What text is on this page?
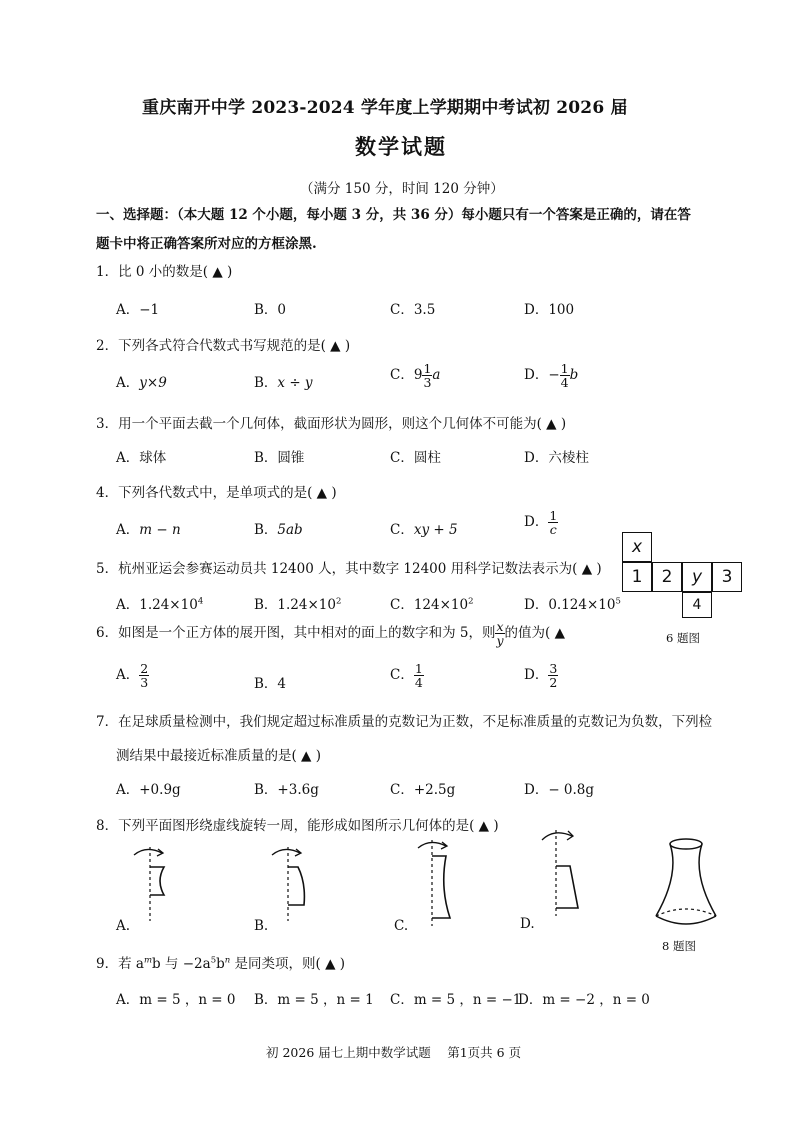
重庆南开中学 2023-2024 学年度上学期期中考试初 2026 届
数学试题
（满分 150 分，时间 120 分钟）
一、选择题：（本大题 12 个小题，每小题 3 分，共 36 分）每小题只有一个答案是正确的，请在答
题卡中将正确答案所对应的方框涂黑.
1．比 0 小的数是( ▲ )
A．−1	B．0	C．3.5	D．100
2．下列各式符合代数式书写规范的是( ▲ )
A．y×9	B．x ÷ y	C．$9 \frac{1}{3}$ a	D．− $\frac{1}{4}$ b
3．用一个平面去截一个几何体，截面形状为圆形，则这个几何体不可能为( ▲ )
A．球体	B．圆锥	C．圆柱	D．六棱柱
4．下列各代数式中，是单项式的是( ▲ )
A．m − n	B．5ab	C．xy + 5	D． $\frac{1}{c}$
5．杭州亚运会参赛运动员共 12400 人，其中数字 12400 用科学记数法表示为( ▲ )
A．$1.24\times 10^4$	B．$1.24\times 10^2$	C．$124\times 10^2$	D．$0.124\times 10^5$
x
1	2	y	3
4
6 题图
6．如图是一个正方体的展开图，其中相对的面上的数字和为 5，则 $\frac{x}{y}$ 的值为( ▲
A． $\frac{2}{3}$	B．4
C． $\frac{1}{4}$	D． $\frac{3}{2}$
7．在足球质量检测中，我们规定超过标准质量的克数记为正数，不足标准质量的克数记为负数，下列检
测结果中最接近标准质量的是( ▲ )
A．+0.9g	B．+3.6g	C．+2.5g	D．− 0.8g
8．下列平面图形绕虚线旋转一周，能形成如图所示几何体的是( ▲ )
A.	B.	C.	D.
8 题图
9．若 $a^mb$ 与 $-2a^5b^n$ 是同类项，则( ▲ )
A．m = 5 ，n = 0 B．m = 5 ，n = 1 C．m = 5 ，n = −1
D．m = −2 ，n = 0
初 2026 届七上期中数学试题　 第1页共 6 页
